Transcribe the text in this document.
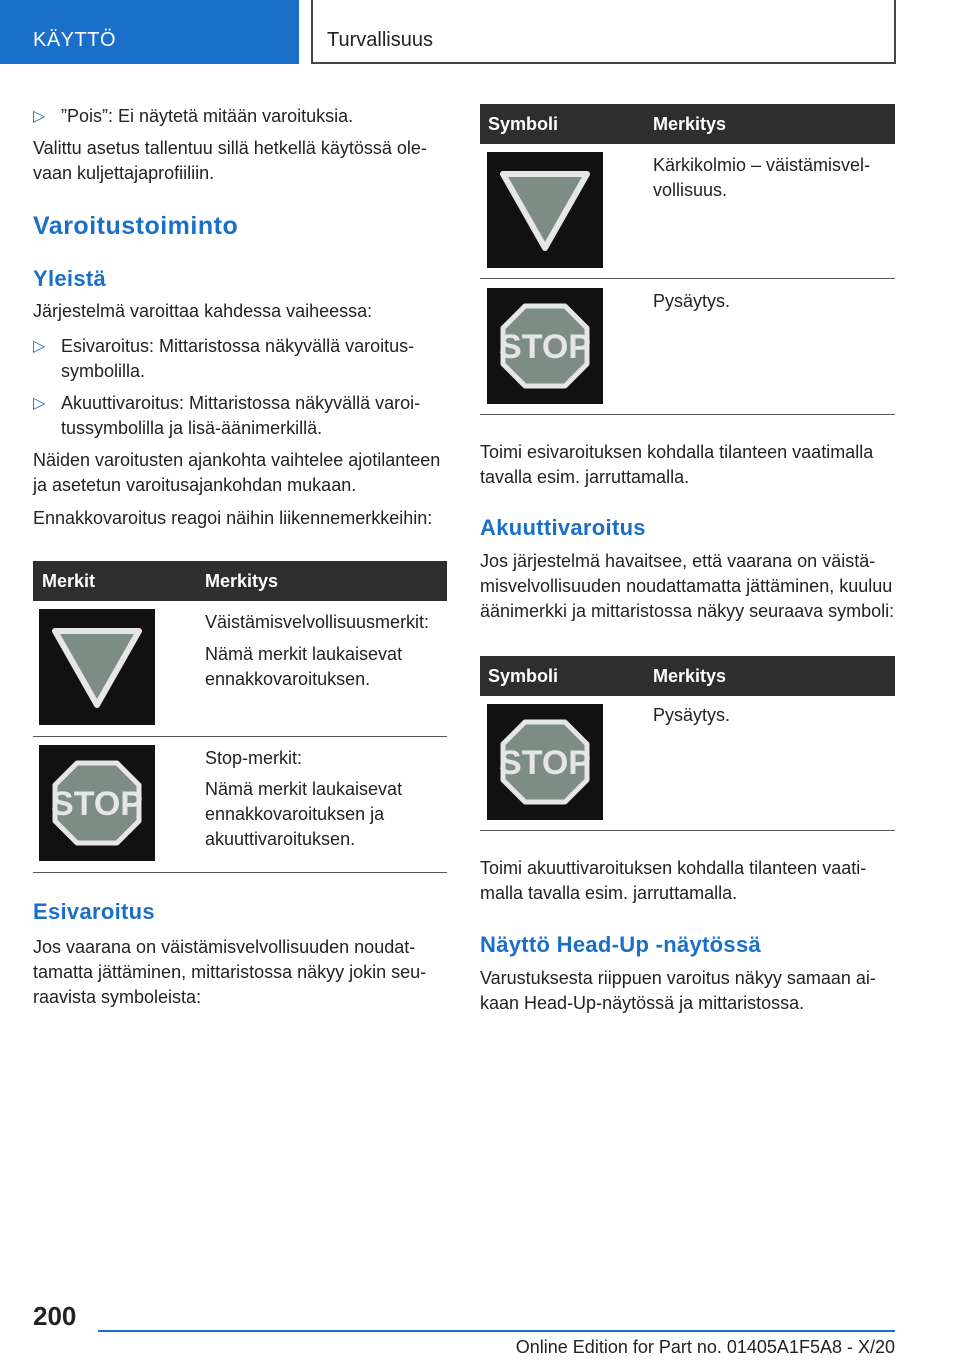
KÄYTTÖ	Turvallisuus
▷ ”Pois”: Ei näytetä mitään varoituksia.
Valittu asetus tallentuu sillä hetkellä käytössä olevaan kuljettajaprofiiliin.
Varoitustoiminto
Yleistä
Järjestelmä varoittaa kahdessa vaiheessa:
▷ Esivaroitus: Mittaristossa näkyvällä varoitussymbolilla.
▷ Akuuttivaroitus: Mittaristossa näkyvällä varoitussymbolilla ja lisä-äänimerkillä.
Näiden varoitusten ajankohta vaihtelee ajotilanteen ja asetetun varoitusajankohdan mukaan.
Ennakkovaroitus reagoi näihin liikennemerkkeihin:
Merkit	Merkitys
Väistämisvelvollisuusmerkit:
Nämä merkit laukaisevat ennakkovaroituksen.
STOP
Stop-merkit:
Nämä merkit laukaisevat ennakkovaroituksen ja akuuttivaroituksen.
Esivaroitus
Jos vaarana on väistämisvelvollisuuden noudattamatta jättäminen, mittaristossa näkyy jokin seuraavista symboleista:
Symboli	Merkitys
Kärkikolmio – väistämisvelvollisuus.
STOP
Pysäytys.
Toimi esivaroituksen kohdalla tilanteen vaatimalla tavalla esim. jarruttamalla.
Akuuttivaroitus
Jos järjestelmä havaitsee, että vaarana on väistämisvelvollisuuden noudattamatta jättäminen, kuuluu äänimerkki ja mittaristossa näkyy seuraava symboli:
Symboli	Merkitys
STOP
Pysäytys.
Toimi akuuttivaroituksen kohdalla tilanteen vaatimalla tavalla esim. jarruttamalla.
Näyttö Head-Up -näytössä
Varustuksesta riippuen varoitus näkyy samaan aikaan Head-Up-näytössä ja mittaristossa.
200
Online Edition for Part no. 01405A1F5A8 - X/20
